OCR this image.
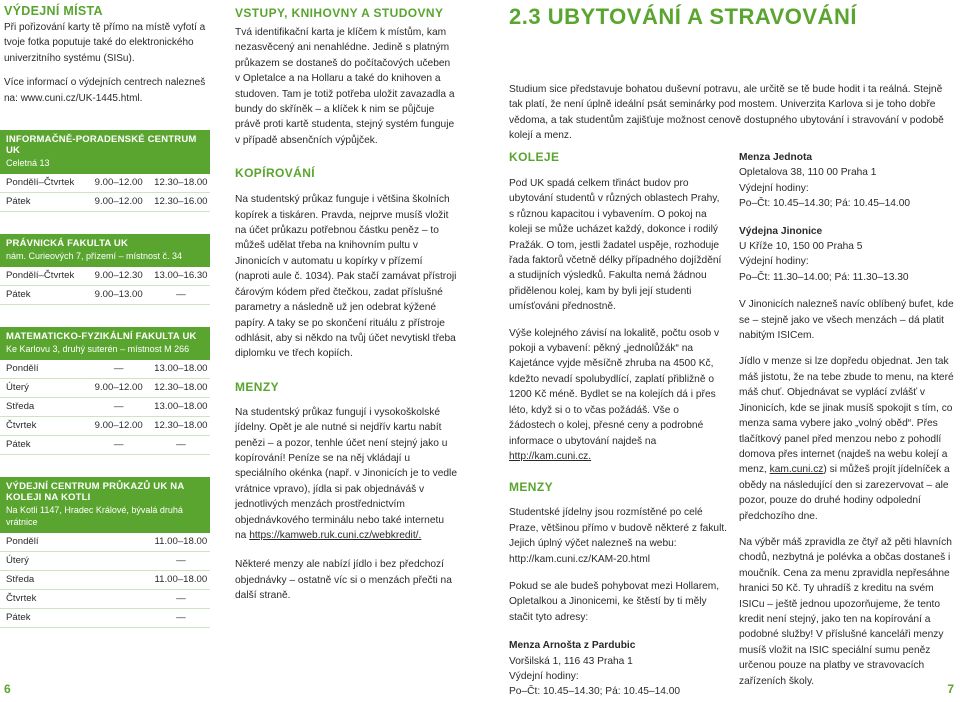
VÝDEJNÍ MÍSTA
Při pořizování karty tě přímo na místě vyfotí a tvoje fotka poputuje také do elektronického univerzitního systému (SISu).
Více informací o výdejních centrech nalezneš na: www.cuni.cz/UK-1445.html.
INFORMAČNĚ-PORADENSKÉ CENTRUM UK
Celetná 13
Pondělí–Čtvrtek	9.00–12.00	12.30–18.00
Pátek	9.00–12.00	12.30–16.00
PRÁVNICKÁ FAKULTA UK
nám. Curieových 7, přízemí – místnost č. 34
Pondělí–Čtvrtek	9.00–12.30	13.00–16.30
Pátek	9.00–13.00	—
MATEMATICKO-FYZIKÁLNÍ FAKULTA UK
Ke Karlovu 3, druhý suterén – místnost M 266
Pondělí	—	13.00–18.00
Úterý	9.00–12.00	12.30–18.00
Středa	—	13.00–18.00
Čtvrtek	9.00–12.00	12.30–18.00
Pátek	—	—
VÝDEJNÍ CENTRUM PRŮKAZŮ UK NA KOLEJI NA KOTLI
Na Kotli 1147, Hradec Králové, bývalá druhá vrátnice
Pondělí	11.00–18.00
Úterý	—
Středa	11.00–18.00
Čtvrtek	—
Pátek	—
6
VSTUPY, KNIHOVNY A STUDOVNY
Tvá identifikační karta je klíčem k místům, kam nezasvěcený ani nenahlédne. Jedině s platným průkazem se dostaneš do počítačových učeben v Opletalce a na Hollaru a také do knihoven a studoven. Tam je totiž potřeba uložit zavazadla a bundy do skříněk – a klíček k nim se půjčuje právě proti kartě studenta, stejný systém funguje v případě absenčních výpůjček.
KOPÍROVÁNÍ
Na studentský průkaz funguje i většina školních kopírek a tiskáren. Pravda, nejprve musíš vložit na účet průkazu potřebnou částku peněz – to můžeš udělat třeba na knihovním pultu v Jinonicích v automatu u kopírky v přízemí (naproti aule č. 1034). Pak stačí zamávat přístroji čárovým kódem před čtečkou, zadat příslušné parametry a následně už jen odebrat kýžené papíry. A taky se po skončení rituálu z přístroje odhlásit, aby si někdo na tvůj účet nevytiskl třeba diplomku ve třech kopiích.
MENZY
Na studentský průkaz fungují i vysokoškolské jídelny. Opět je ale nutné si nejdřív kartu nabít penězi – a pozor, tenhle účet není stejný jako u kopírování! Peníze se na něj vkládají u speciálního okénka (např. v Jinonicích je to vedle vrátnice vpravo), jídla si pak objednáváš v jednotlivých menzách prostřednictvím objednávkového terminálu nebo také internetu na https://kamweb.ruk.cuni.cz/webkredit/.
Některé menzy ale nabízí jídlo i bez předchozí objednávky – ostatně víc si o menzách přečti na další straně.
2.3 UBYTOVÁNÍ A STRAVOVÁNÍ
Studium sice představuje bohatou duševní potravu, ale určitě se tě bude hodit i ta reálná. Stejně tak platí, že není úplně ideální psát seminárky pod mostem. Univerzita Karlova si je toho dobře vědoma, a tak studentům zajišťuje možnost cenově dostupného ubytování i stravování v podobě kolejí a menz.
KOLEJE
Pod UK spadá celkem třináct budov pro ubytování studentů v různých oblastech Prahy, s různou kapacitou i vybavením. O pokoj na koleji se může ucházet každý, dokonce i rodilý Pražák. O tom, jestli žadatel uspěje, rozhoduje řada faktorů včetně délky případného dojíždění a studijních výsledků. Fakulta nemá žádnou přidělenou kolej, kam by byli její studenti umísťováni přednostně.
Výše kolejného závisí na lokalitě, počtu osob v pokoji a vybavení: pěkný „jednolůžák“ na Kajetánce vyjde měsíčně zhruba na 4500 Kč, kdežto nevadí spolubydlící, zaplatí přibližně o 1200 Kč méně. Bydlet se na kolejích dá i přes léto, když si o to včas požádáš. Vše o žádostech o kolej, přesné ceny a podrobné informace o ubytování najdeš na http://kam.cuni.cz.
MENZY
Studentské jídelny jsou rozmístěné po celé Praze, většinou přímo v budově některé z fakult. Jejich úplný výčet nalezneš na webu:
http://kam.cuni.cz/KAM-20.html
Pokud se ale budeš pohybovat mezi Hollarem, Opletalkou a Jinonicemi, ke štěstí by ti měly stačit tyto adresy:
Menza Arnošta z Pardubic
Voršilská 1, 116 43 Praha 1
Výdejní hodiny:
Po–Čt: 10.45–14.30; Pá: 10.45–14.00
Menza Jednota
Opletalova 38, 110 00 Praha 1
Výdejní hodiny:
Po–Čt: 10.45–14.30; Pá: 10.45–14.00
Výdejna Jinonice
U Kříže 10, 150 00 Praha 5
Výdejní hodiny:
Po–Čt: 11.30–14.00; Pá: 11.30–13.30
V Jinonicích nalezneš navíc oblíbený bufet, kde se – stejně jako ve všech menzách – dá platit nabitým ISICem.
Jídlo v menze si lze dopředu objednat. Jen tak máš jistotu, že na tebe zbude to menu, na které máš chuť. Objednávat se vyplácí zvlášť v Jinonicích, kde se jinak musíš spokojit s tím, co menza sama vybere jako „volný oběd“. Přes tlačítkový panel před menzou nebo z pohodlí domova přes internet (najdeš na webu kolejí a menz, kam.cuni.cz) si můžeš projít jídelníček a obědy na následující den si zarezervovat – ale pozor, pouze do druhé hodiny odpolední předchozího dne.
Na výběr máš zpravidla ze čtyř až pěti hlavních chodů, nezbytná je polévka a občas dostaneš i moučník. Cena za menu zpravidla nepřesáhne hranici 50 Kč. Ty uhradíš z kreditu na svém ISICu – ještě jednou upozorňujeme, že tento kredit není stejný, jako ten na kopírování a podobné služby! V příslušné kanceláři menzy musíš vložit na ISIC speciální sumu peněz určenou pouze na platby ve stravovacích zařízeních školy.
7
